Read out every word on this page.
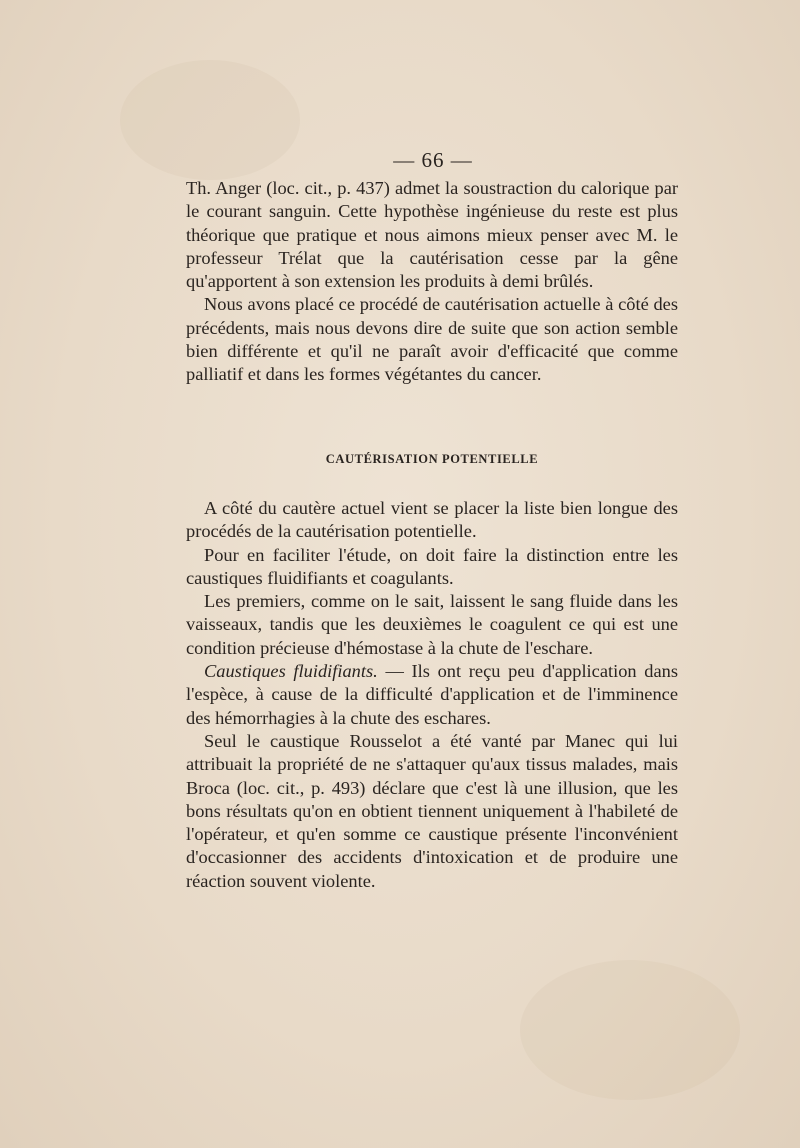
— 66 —

Th. Anger (loc. cit., p. 437) admet la soustraction du calorique par le courant sanguin. Cette hypothèse ingénieuse du reste est plus théorique que pratique et nous aimons mieux penser avec M. le professeur Trélat que la cautérisation cesse par la gêne qu'apportent à son extension les produits à demi brûlés.

Nous avons placé ce procédé de cautérisation actuelle à côté des précédents, mais nous devons dire de suite que son action semble bien différente et qu'il ne paraît avoir d'efficacité que comme palliatif et dans les formes végétantes du cancer.

CAUTÉRISATION POTENTIELLE

A côté du cautère actuel vient se placer la liste bien longue des procédés de la cautérisation potentielle.

Pour en faciliter l'étude, on doit faire la distinction entre les caustiques fluidifiants et coagulants.

Les premiers, comme on le sait, laissent le sang fluide dans les vaisseaux, tandis que les deuxièmes le coagulent ce qui est une condition précieuse d'hémostase à la chute de l'eschare.

Caustiques fluidifiants. — Ils ont reçu peu d'application dans l'espèce, à cause de la difficulté d'application et de l'imminence des hémorrhagies à la chute des eschares.

Seul le caustique Rousselot a été vanté par Manec qui lui attribuait la propriété de ne s'attaquer qu'aux tissus malades, mais Broca (loc. cit., p. 493) déclare que c'est là une illusion, que les bons résultats qu'on en obtient tiennent uniquement à l'habileté de l'opérateur, et qu'en somme ce caustique présente l'inconvénient d'occasionner des accidents d'intoxication et de produire une réaction souvent violente.
